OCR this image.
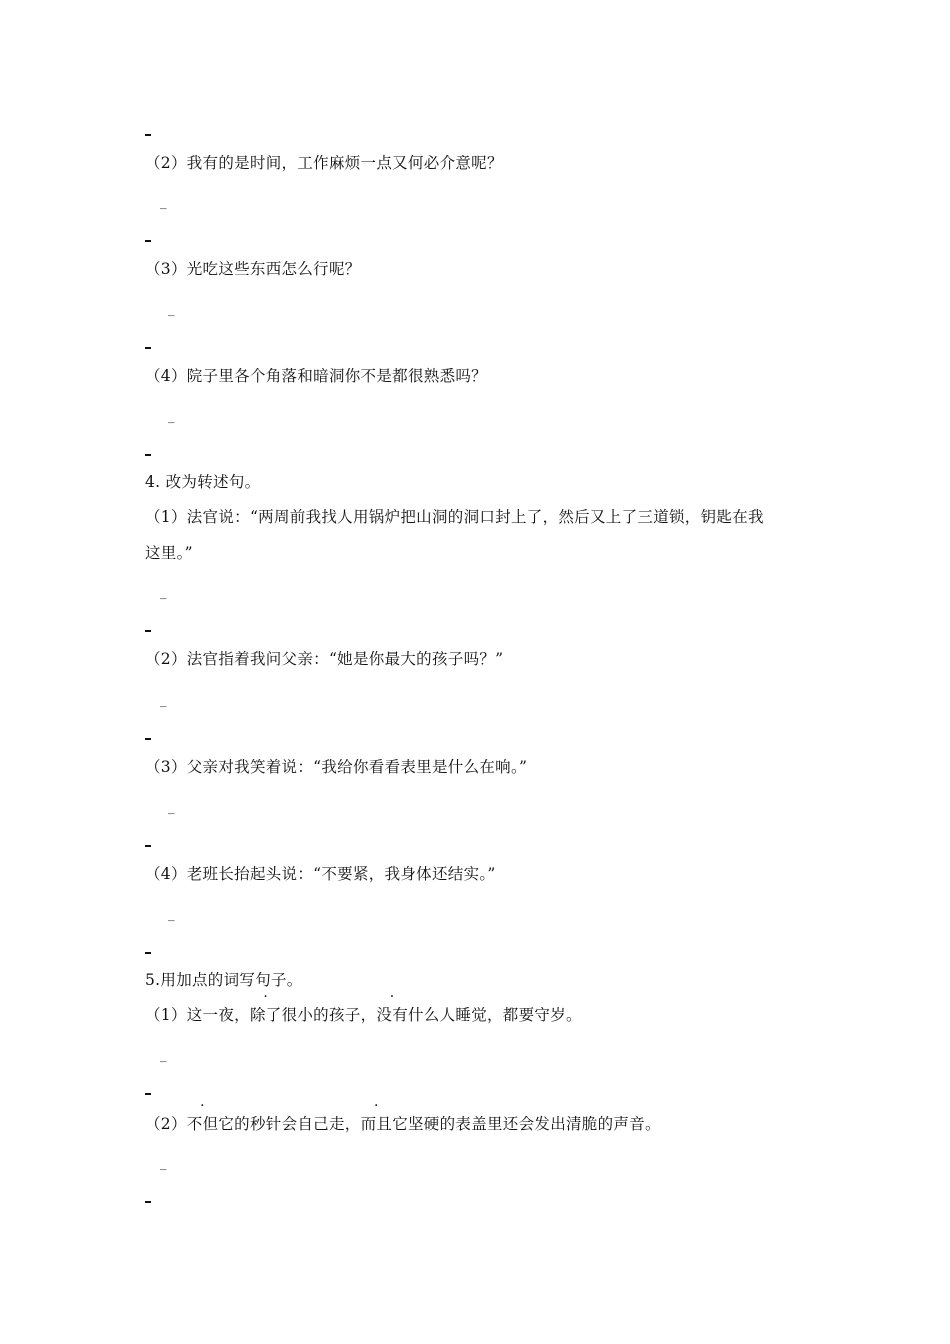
（2）我有的是时间，工作麻烦一点又何必介意呢？
_
（3）光吃这些东西怎么行呢？
_
（4）院子里各个角落和暗洞你不是都很熟悉吗？
_
4. 改为转述句。
（1）法官说：“两周前我找人用锅炉把山洞的洞口封上了，然后又上了三道锁，钥匙在我
这里。”
_
（2）法官指着我问父亲：“她是你最大的孩子吗？”
_
（3）父亲对我笑着说：“我给你看看表里是什么在响。”
_
（4）老班长抬起头说：“不要紧，我身体还结实。”
_
5.用加点的词写句子。
（1）这一夜，除了很小的孩子，没有什么人睡觉，都要守岁。
_
（2）不但它的秒针会自己走，而且它坚硬的表盖里还会发出清脆的声音。
_
